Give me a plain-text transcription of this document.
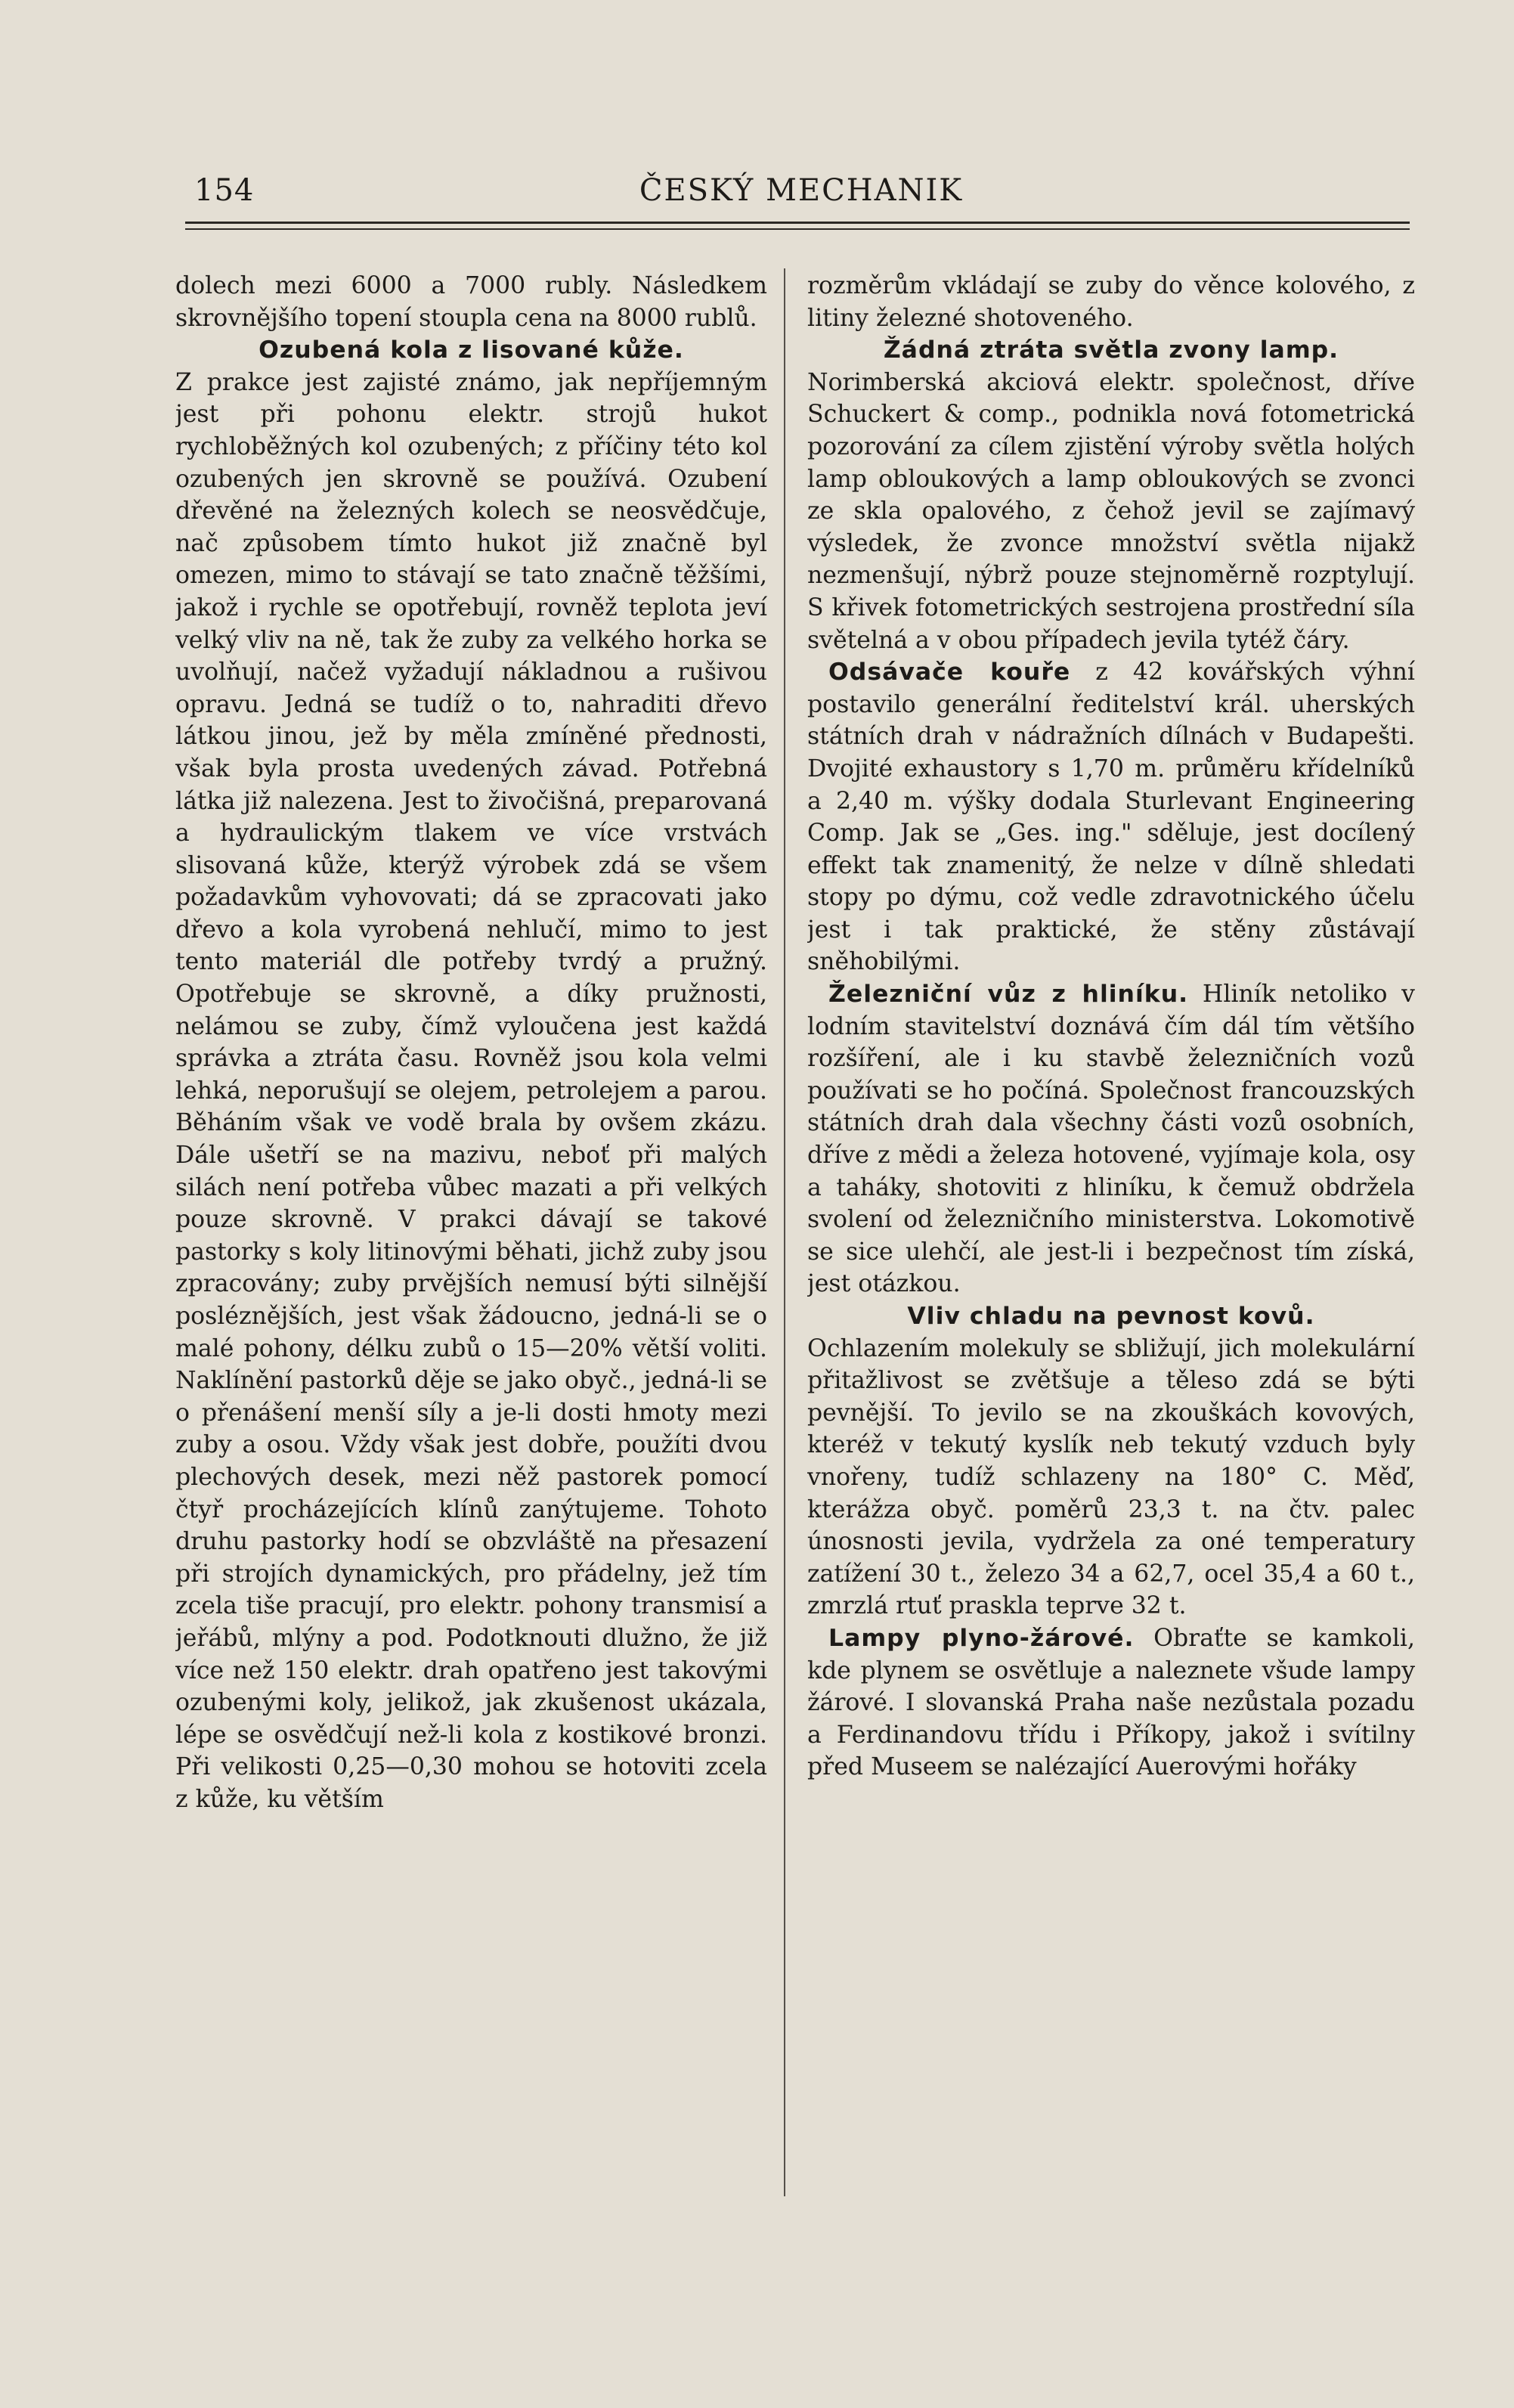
154	ČESKÝ MECHANIK

dolech mezi 6000 a 7000 rubly. Následkem skrovnějšího topení stoupla cena na 8000 rublů.

Ozubená kola z lisované kůže.
Z prakce jest zajisté známo, jak nepříjemným jest při pohonu elektr. strojů hukot rychloběžných kol ozubených; z příčiny této kol ozubených jen skrovně se používá. Ozubení dřevěné na železných kolech se neosvědčuje, nač způsobem tímto hukot již značně byl omezen, mimo to stávají se tato značně těžšími, jakož i rychle se opotřebují, rovněž teplota jeví velký vliv na ně, tak že zuby za velkého horka se uvolňují, načež vyžadují nákladnou a rušivou opravu. Jedná se tudíž o to, nahraditi dřevo látkou jinou, jež by měla zmíněné přednosti, však byla prosta uvedených závad. Potřebná látka již nalezena. Jest to živočišná, preparovaná a hydraulickým tlakem ve více vrstvách slisovaná kůže, kterýž výrobek zdá se všem požadavkům vyhovovati; dá se zpracovati jako dřevo a kola vyrobená nehlučí, mimo to jest tento materiál dle potřeby tvrdý a pružný. Opotřebuje se skrovně, a díky pružnosti, nelámou se zuby, čímž vyloučena jest každá správka a ztráta času. Rovněž jsou kola velmi lehká, neporušují se olejem, petrolejem a parou. Běháním však ve vodě brala by ovšem zkázu. Dále ušetří se na mazivu, neboť při malých silách není potřeba vůbec mazati a při velkých pouze skrovně. V prakci dávají se takové pastorky s koly litinovými běhati, jichž zuby jsou zpracovány; zuby prvějších nemusí býti silnější posléznějších, jest však žádoucno, jedná-li se o malé pohony, délku zubů o 15—20% větší voliti. Naklínění pastorků děje se jako obyč., jedná-li se o přenášení menší síly a je-li dosti hmoty mezi zuby a osou. Vždy však jest dobře, použíti dvou plechových desek, mezi něž pastorek pomocí čtyř procházejících klínů zanýtujeme. Tohoto druhu pastorky hodí se obzvláště na přesazení při strojích dynamických, pro přádelny, jež tím zcela tiše pracují, pro elektr. pohony transmisí a jeřábů, mlýny a pod. Podotknouti dlužno, že již více než 150 elektr. drah opatřeno jest takovými ozubenými koly, jelikož, jak zkušenost ukázala, lépe se osvědčují než-li kola z kostikové bronzi. Při velikosti 0,25—0,30 mohou se hotoviti zcela z kůže, ku větším

rozměrům vkládají se zuby do věnce kolového, z litiny železné shotoveného.

Žádná ztráta světla zvony lamp.
Norimberská akciová elektr. společnost, dříve Schuckert & comp., podnikla nová fotometrická pozorování za cílem zjistění výroby světla holých lamp obloukových a lamp obloukových se zvonci ze skla opalového, z čehož jevil se zajímavý výsledek, že zvonce množství světla nijakž nezmenšují, nýbrž pouze stejnoměrně rozptylují. S křivek fotometrických sestrojena prostřední síla světelná a v obou případech jevila tytéž čáry.

Odsávače kouře z 42 kovářských výhní postavilo generální ředitelství král. uherských státních drah v nádražních dílnách v Budapešti. Dvojité exhaustory s 1,70 m. průměru křídelníků a 2,40 m. výšky dodala Sturlevant Engineering Comp. Jak se „Ges. ing." sděluje, jest docílený effekt tak znamenitý, že nelze v dílně shledati stopy po dýmu, což vedle zdravotnického účelu jest i tak praktické, že stěny zůstávají sněhobilými.

Železniční vůz z hliníku. Hliník netoliko v lodním stavitelství doznává čím dál tím většího rozšíření, ale i ku stavbě železničních vozů používati se ho počíná. Společnost francouzských státních drah dala všechny části vozů osobních, dříve z mědi a železa hotovené, vyjímaje kola, osy a taháky, shotoviti z hliníku, k čemuž obdržela svolení od železničního ministerstva. Lokomotivě se sice ulehčí, ale jest-li i bezpečnost tím získá, jest otázkou.

Vliv chladu na pevnost kovů.
Ochlazením molekuly se sbližují, jich molekulární přitažlivost se zvětšuje a těleso zdá se býti pevnější. To jevilo se na zkouškách kovových, kteréž v tekutý kyslík neb tekutý vzduch byly vnořeny, tudíž schlazeny na 180° C. Měď, kterážza obyč. poměrů 23,3 t. na čtv. palec únosnosti jevila, vydržela za oné temperatury zatížení 30 t., železo 34 a 62,7, ocel 35,4 a 60 t., zmrzlá rtuť praskla teprve 32 t.

Lampy plyno-žárové. Obraťte se kamkoli, kde plynem se osvětluje a naleznete všude lampy žárové. I slovanská Praha naše nezůstala pozadu a Ferdinandovu třídu i Příkopy, jakož i svítilny před Museem se nalézající Auerovými hořáky
